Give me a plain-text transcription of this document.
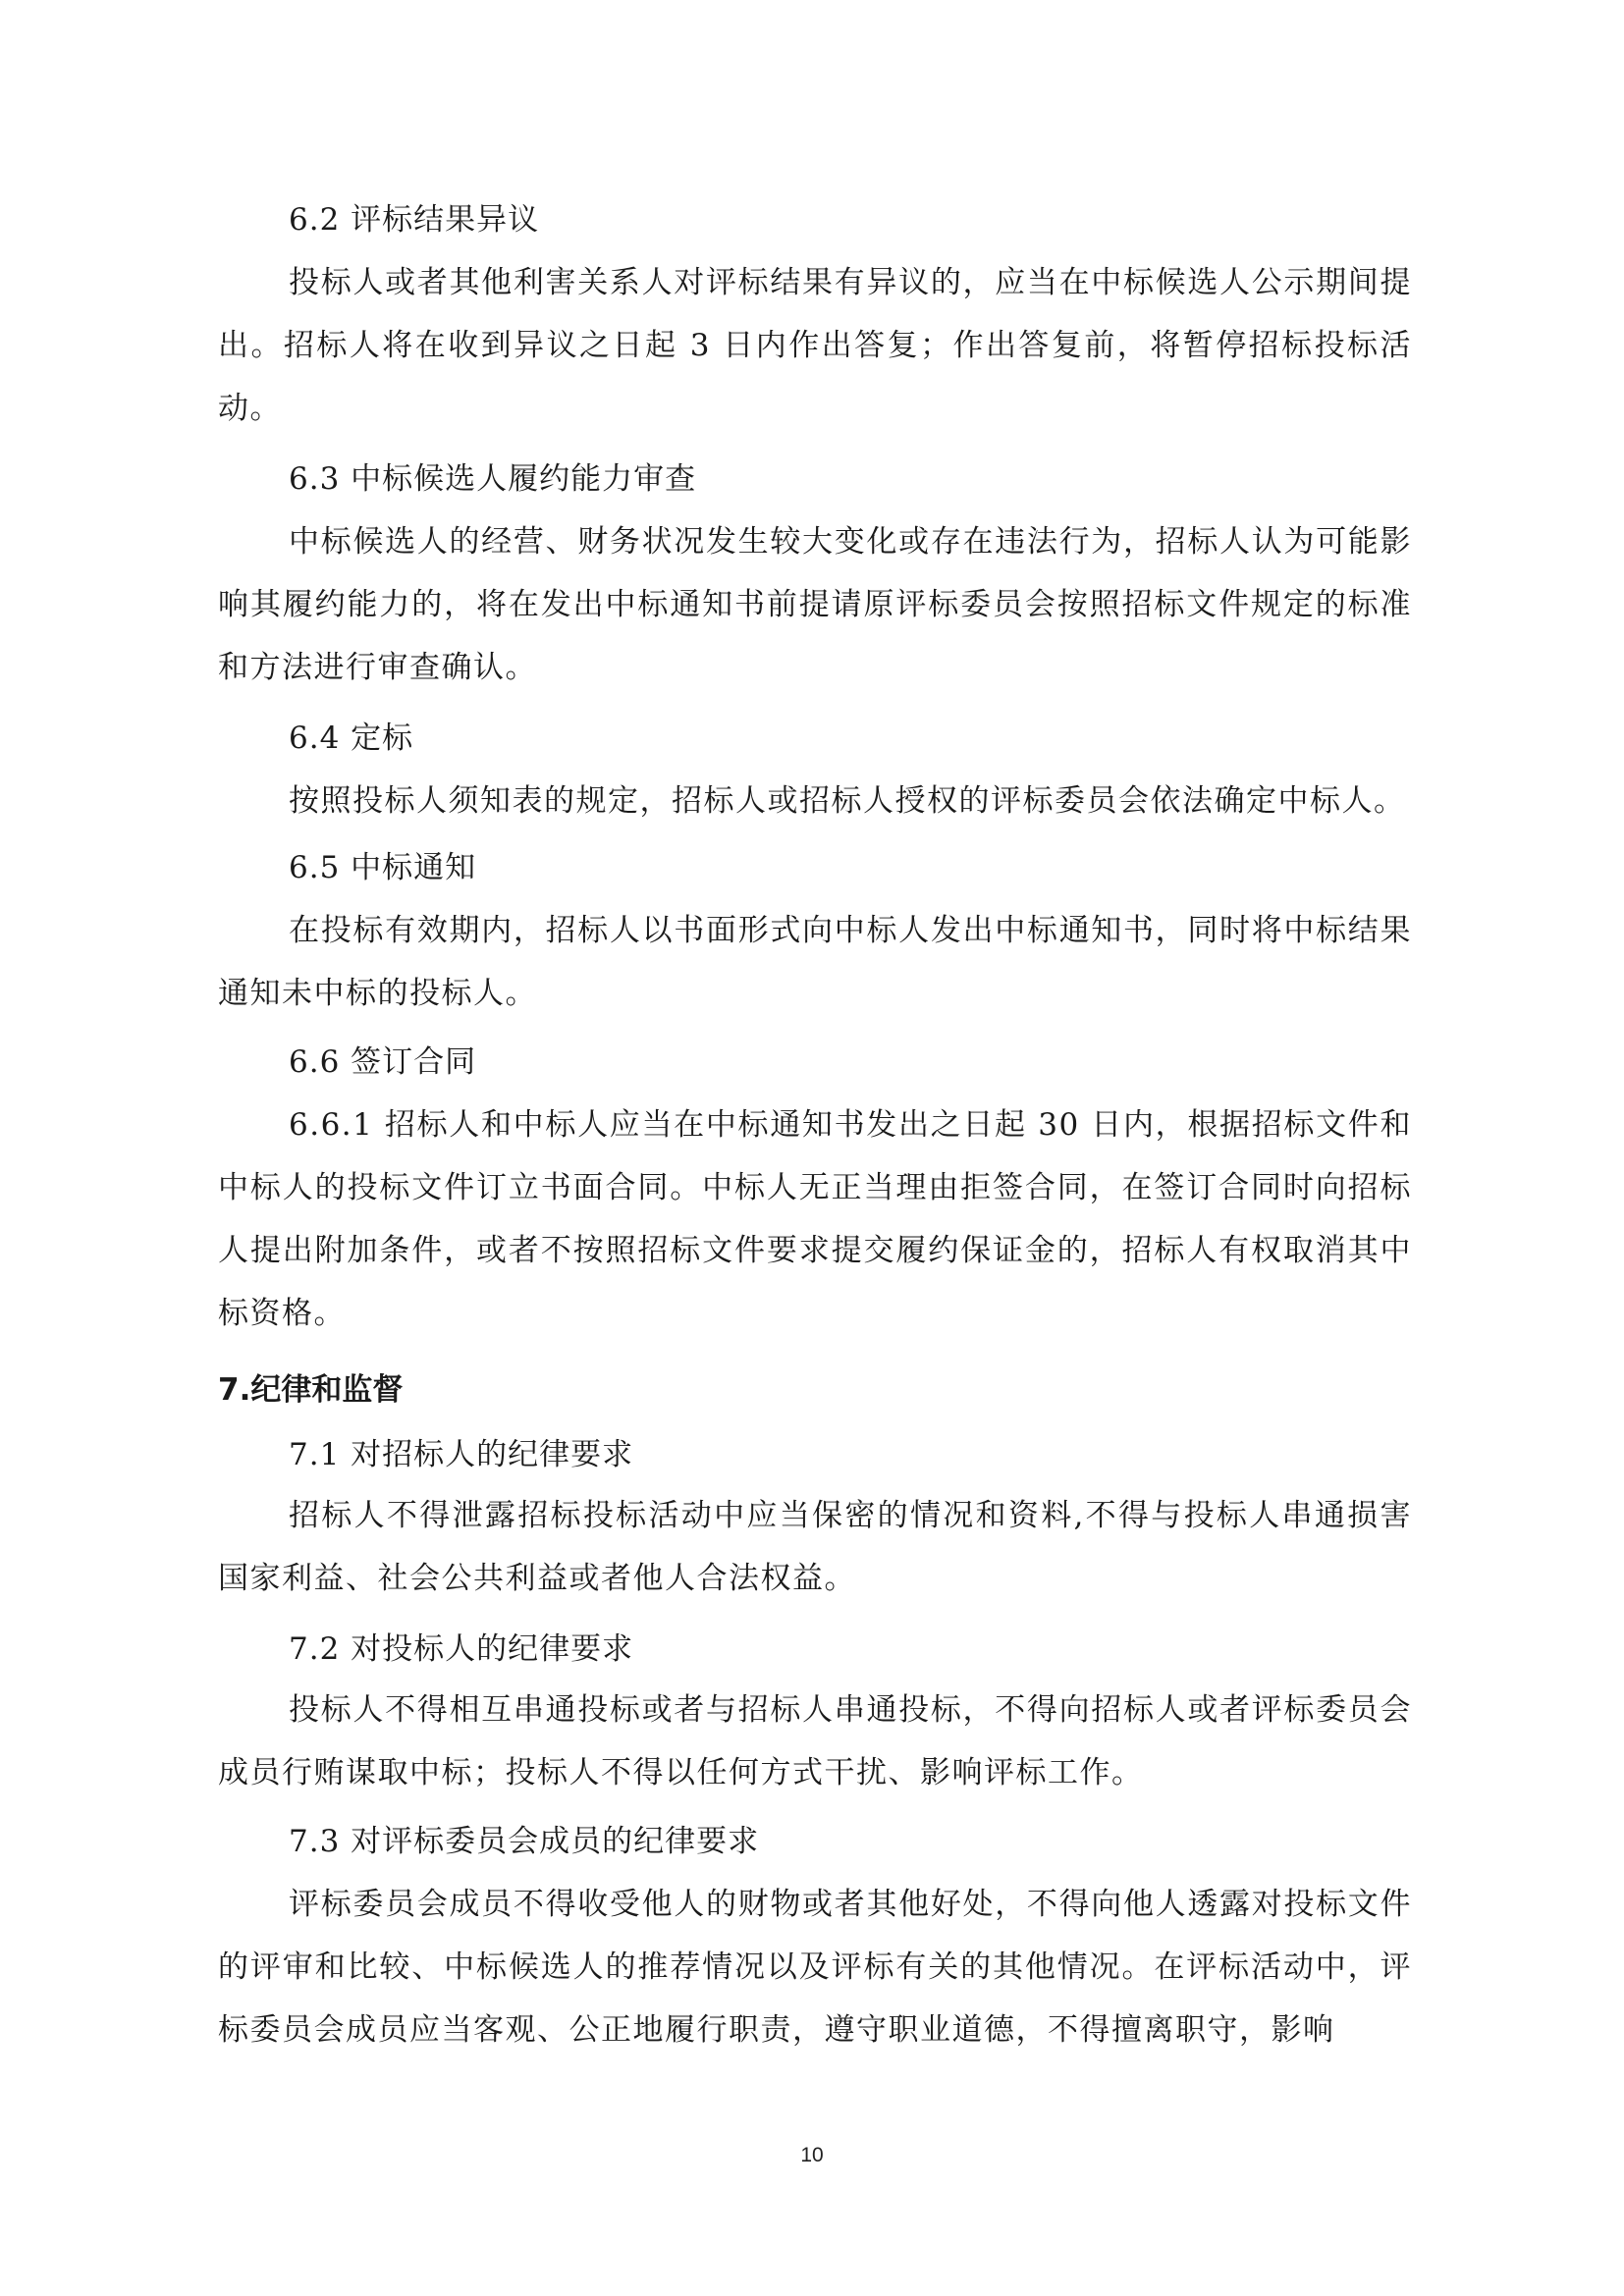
6.2 评标结果异议

投标人或者其他利害关系人对评标结果有异议的，应当在中标候选人公示期间提出。招标人将在收到异议之日起 3 日内作出答复；作出答复前，将暂停招标投标活动。

6.3 中标候选人履约能力审查

中标候选人的经营、财务状况发生较大变化或存在违法行为，招标人认为可能影响其履约能力的，将在发出中标通知书前提请原评标委员会按照招标文件规定的标准和方法进行审查确认。

6.4 定标

按照投标人须知表的规定，招标人或招标人授权的评标委员会依法确定中标人。

6.5 中标通知

在投标有效期内，招标人以书面形式向中标人发出中标通知书，同时将中标结果通知未中标的投标人。

6.6 签订合同

6.6.1 招标人和中标人应当在中标通知书发出之日起 30 日内，根据招标文件和中标人的投标文件订立书面合同。中标人无正当理由拒签合同，在签订合同时向招标人提出附加条件，或者不按照招标文件要求提交履约保证金的，招标人有权取消其中标资格。

7.纪律和监督
7.1 对招标人的纪律要求

招标人不得泄露招标投标活动中应当保密的情况和资料,不得与投标人串通损害国家利益、社会公共利益或者他人合法权益。

7.2 对投标人的纪律要求

投标人不得相互串通投标或者与招标人串通投标，不得向招标人或者评标委员会成员行贿谋取中标；投标人不得以任何方式干扰、影响评标工作。

7.3 对评标委员会成员的纪律要求

评标委员会成员不得收受他人的财物或者其他好处，不得向他人透露对投标文件的评审和比较、中标候选人的推荐情况以及评标有关的其他情况。在评标活动中，评标委员会成员应当客观、公正地履行职责，遵守职业道德，不得擅离职守，影响

10
